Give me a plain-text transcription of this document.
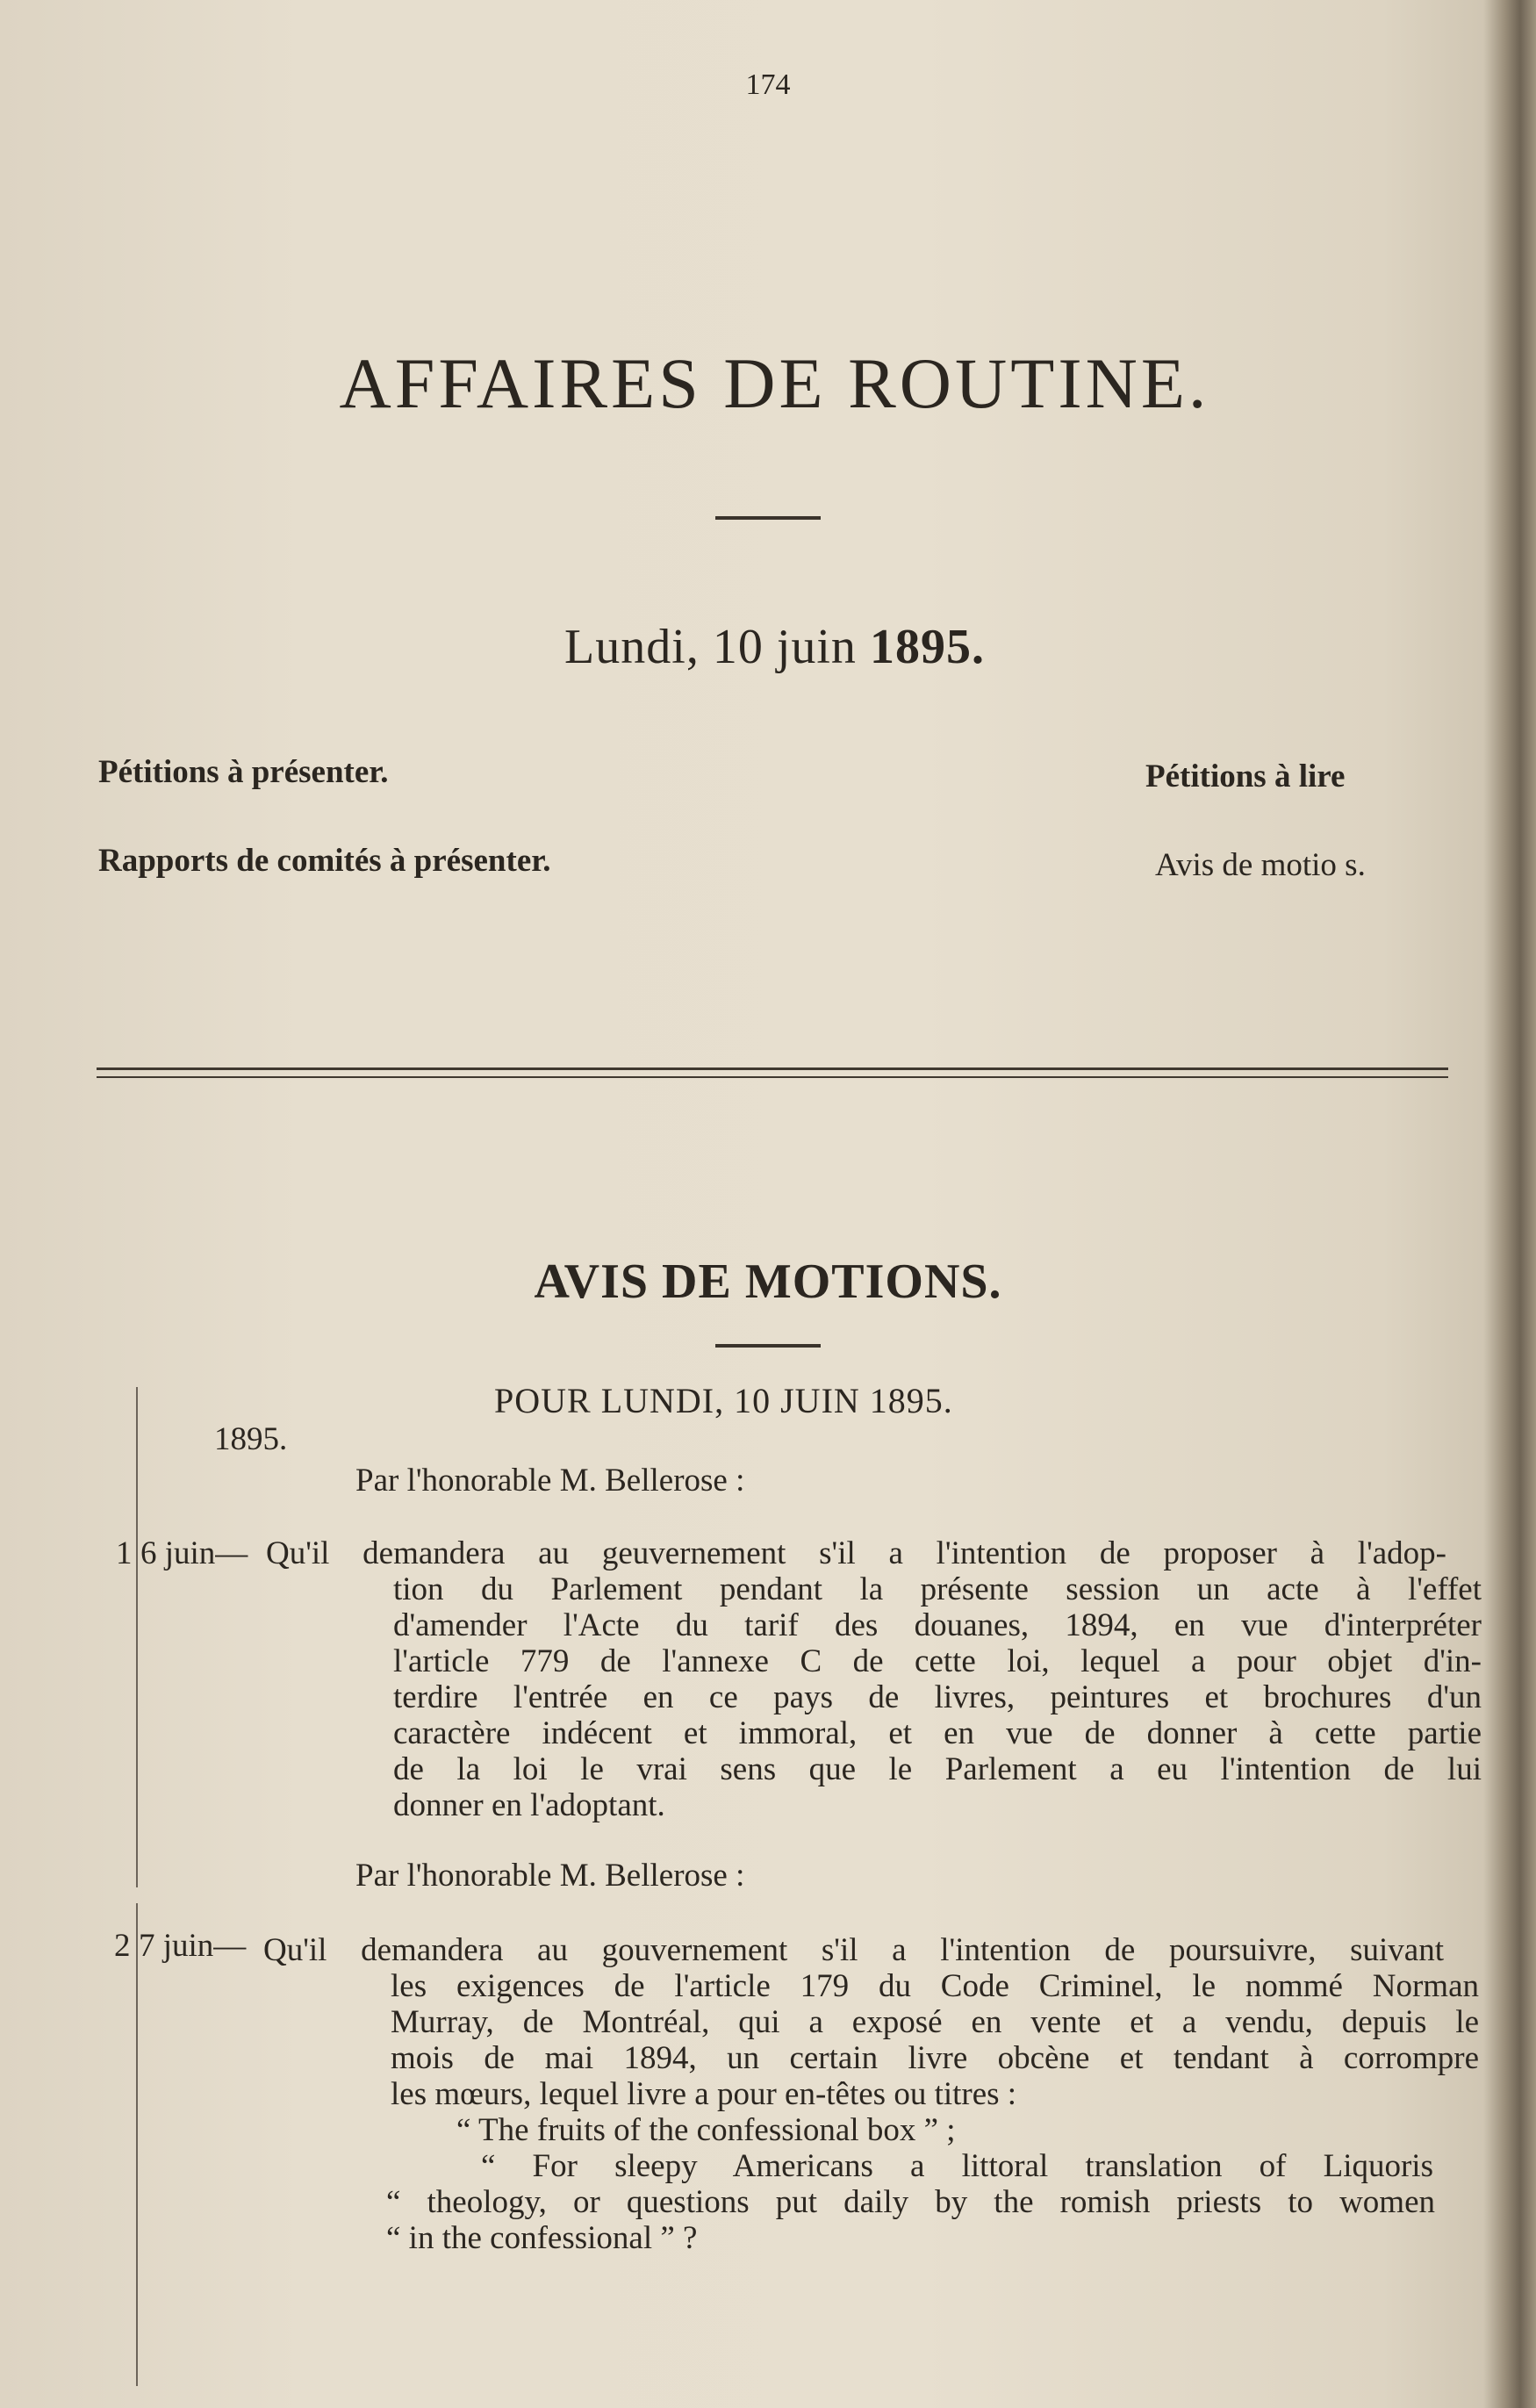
174
AFFAIRES DE ROUTINE.
Lundi, 10 juin 1895.
Pétitions à présenter.
Rapports de comités à présenter.
Pétitions à lire
Avis de motio s.
AVIS DE MOTIONS.
POUR LUNDI, 10 JUIN 1895.
1895.
Par l'honorable M. Bellerose :
1 6 juin— Qu'il demandera au geuvernement s'il a l'intention de proposer à l'adop-
tion du Parlement pendant la présente session un acte à l'effet
d'amender l'Acte du tarif des douanes, 1894, en vue d'interpréter
l'article 779 de l'annexe C de cette loi, lequel a pour objet d'in-
terdire l'entrée en ce pays de livres, peintures et brochures d'un
caractère indécent et immoral, et en vue de donner à cette partie
de la loi le vrai sens que le Parlement a eu l'intention de lui
donner en l'adoptant.
Par l'honorable M. Bellerose :
2 7 juin— Qu'il demandera au gouvernement s'il a l'intention de poursuivre, suivant
les exigences de l'article 179 du Code Criminel, le nommé Norman
Murray, de Montréal, qui a exposé en vente et a vendu, depuis le
mois de mai 1894, un certain livre obcène et tendant à corrompre
les mœurs, lequel livre a pour en-têtes ou titres :
“ The fruits of the confessional box ” ;
“ For sleepy Americans a littoral translation of Liquoris
“ theology, or questions put daily by the romish priests to women
“ in the confessional ” ?
